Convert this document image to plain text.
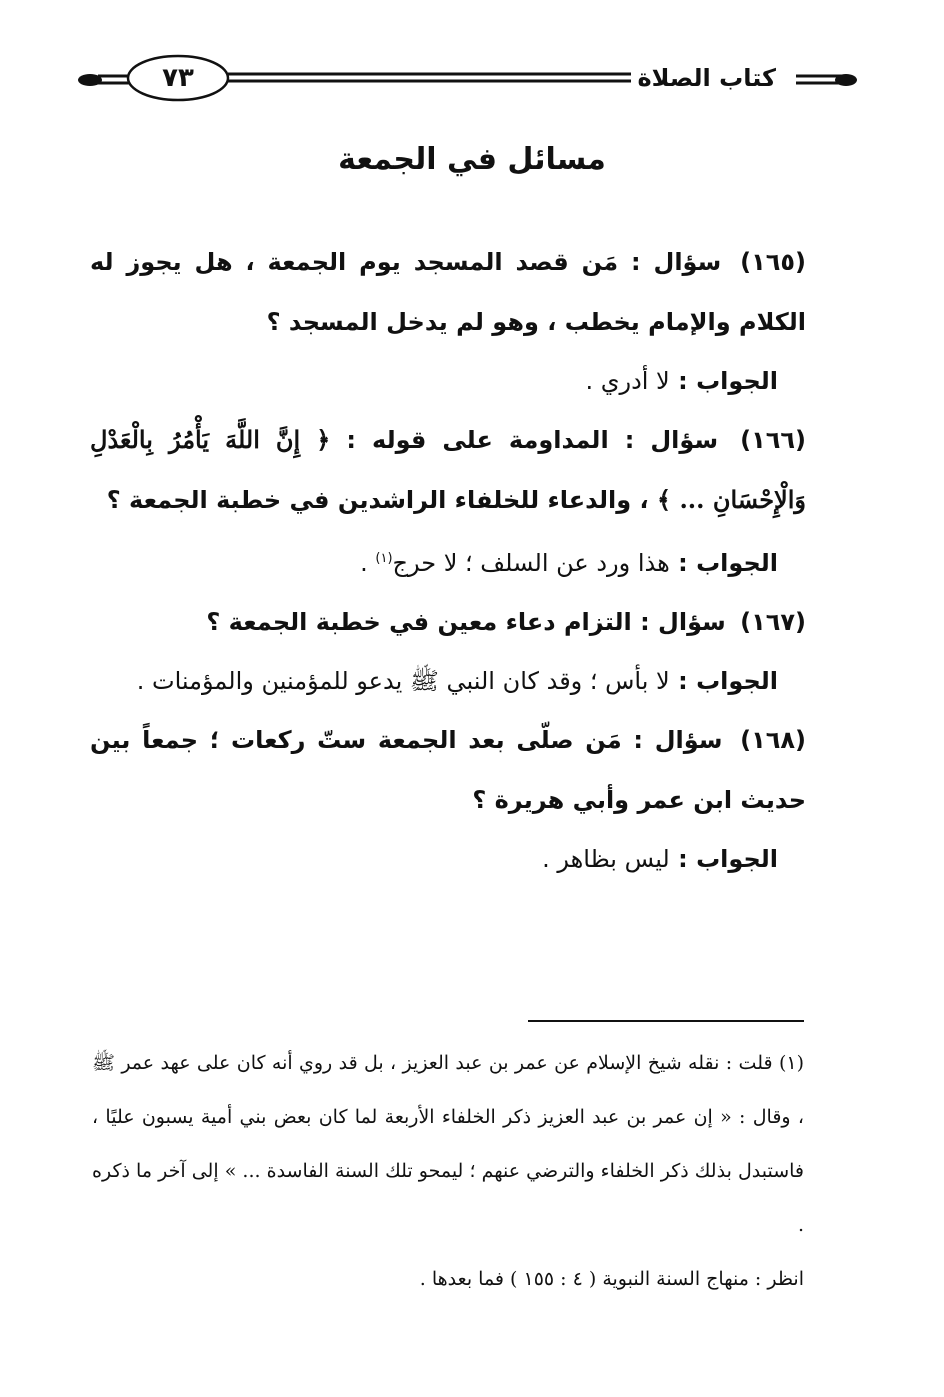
٧٣	كتاب الصلاة
مسائل في الجمعة

(١٦٥) سؤال : مَن قصد المسجد يوم الجمعة ، هل يجوز له الكلام والإمام يخطب ، وهو لم يدخل المسجد ؟

الجواب : لا أدري .

(١٦٦) سؤال : المداومة على قوله : ﴿ إِنَّ اللَّهَ يَأْمُرُ بِالْعَدْلِ وَالْإِحْسَانِ ... ﴾ ، والدعاء للخلفاء الراشدين في خطبة الجمعة ؟

الجواب : هذا ورد عن السلف ؛ لا حرج$^{(١)}$ .

(١٦٧) سؤال : التزام دعاء معين في خطبة الجمعة ؟

الجواب : لا بأس ؛ وقد كان النبي ﷺ يدعو للمؤمنين والمؤمنات .

(١٦٨) سؤال : مَن صلّى بعد الجمعة ستّ ركعات ؛ جمعاً بين حديث ابن عمر وأبي هريرة ؟

الجواب : ليس بظاهر .

(١) قلت : نقله شيخ الإسلام عن عمر بن عبد العزيز ، بل قد روي أنه كان على عهد عمر ﷺ ، وقال : « إن عمر بن عبد العزيز ذكر الخلفاء الأربعة لما كان بعض بني أمية يسبون عليًا ، فاستبدل بذلك ذكر الخلفاء والترضي عنهم ؛ ليمحو تلك السنة الفاسدة ... » إلى آخر ما ذكره .

انظر : منهاج السنة النبوية ( ٤ : ١٥٥ ) فما بعدها .
